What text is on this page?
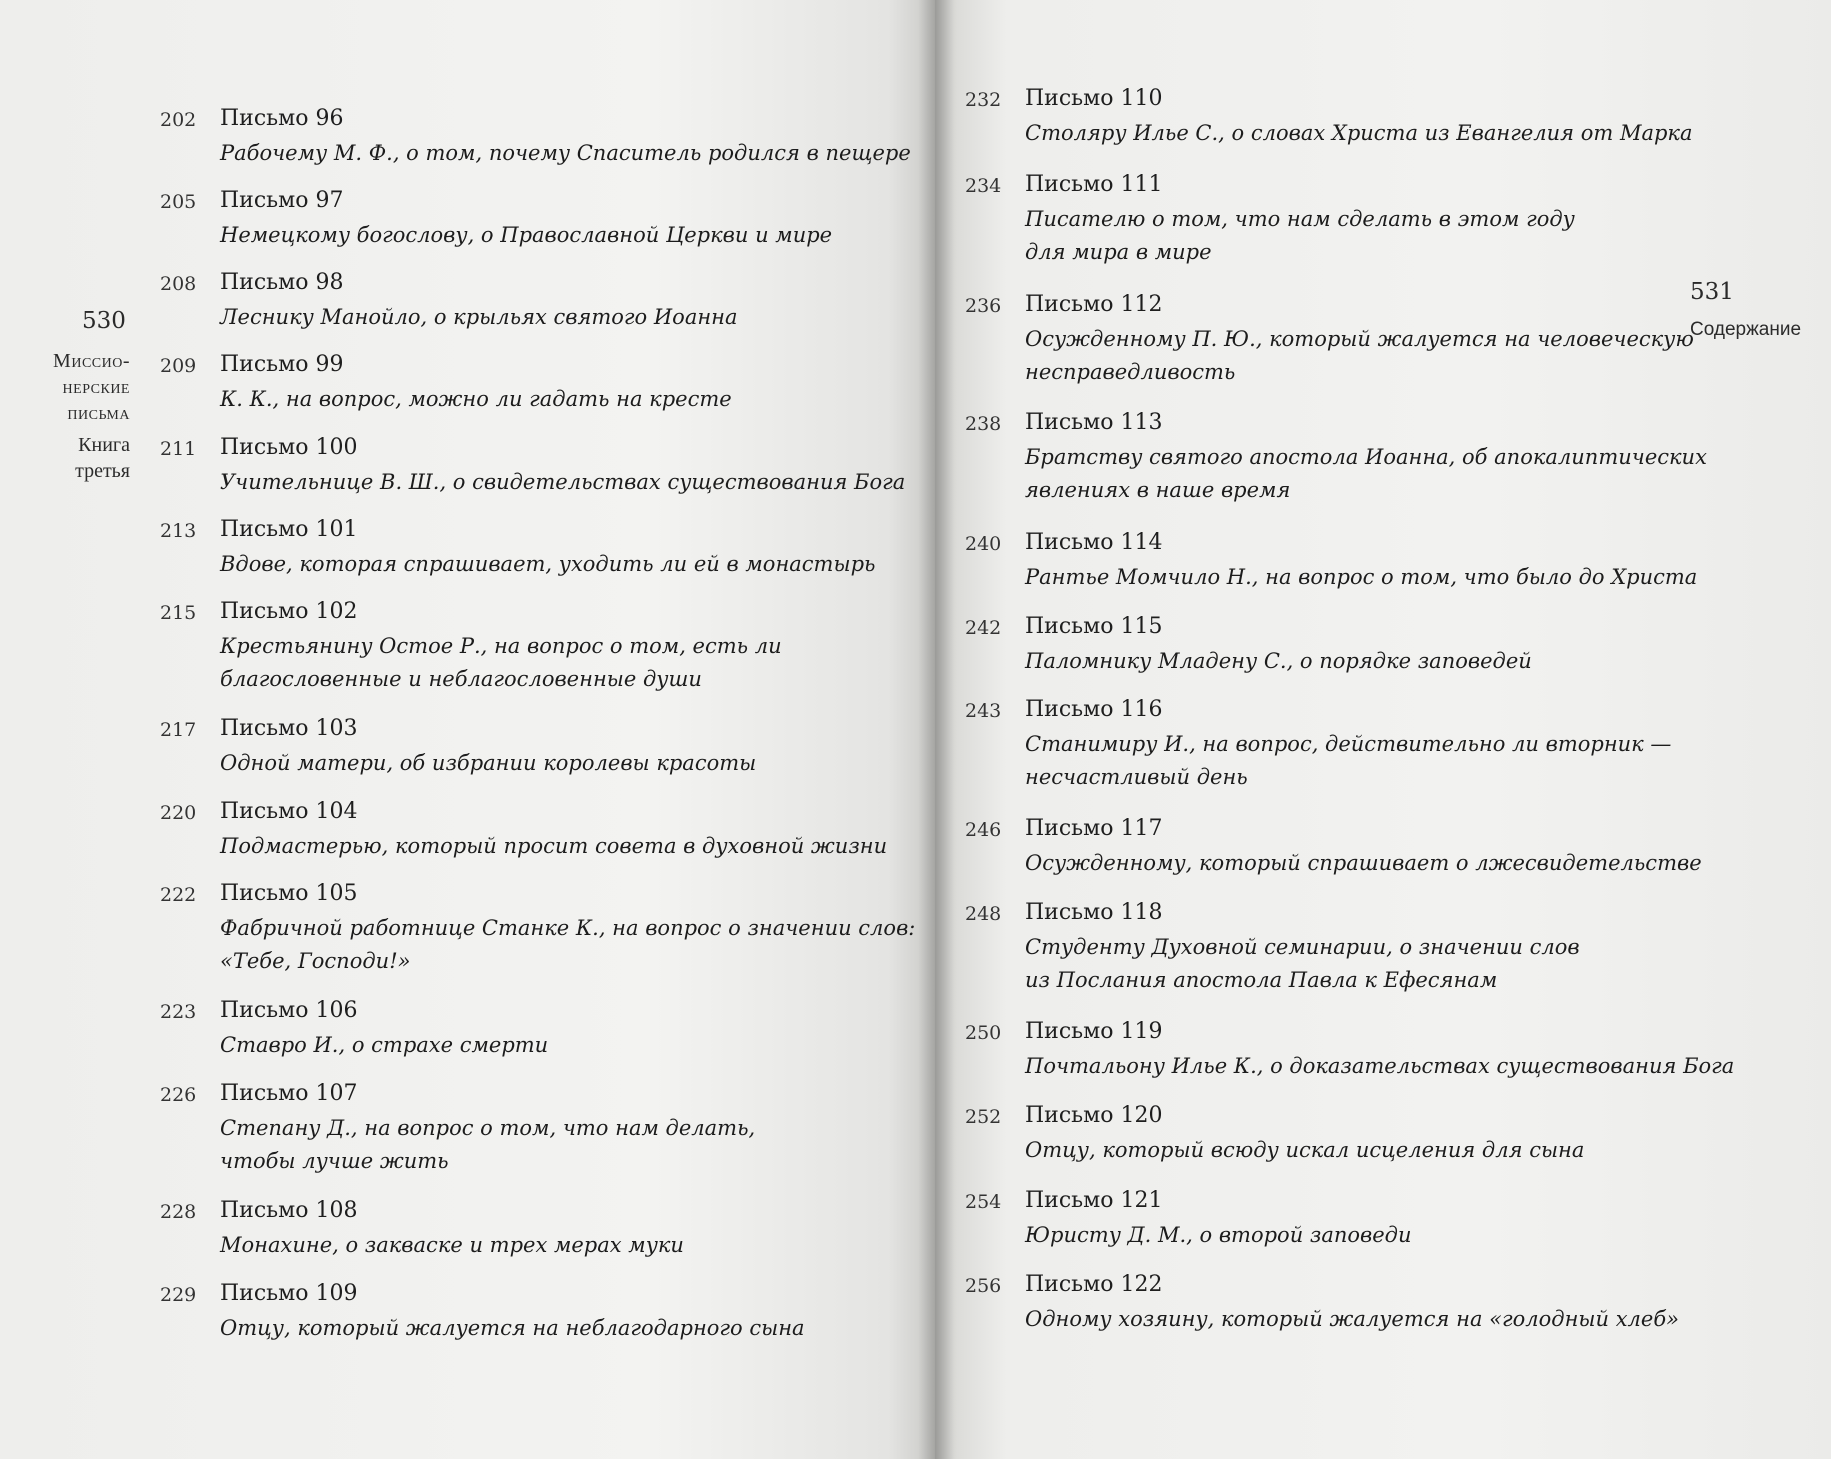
530
Миссио-
нерские
письма
Книга
третья
202	Письмо 96
Рабочему М. Ф., о том, почему Спаситель родился в пещере
205	Письмо 97
Немецкому богослову, о Православной Церкви и мире
208	Письмо 98
Леснику Манойло, о крыльях святого Иоанна
209	Письмо 99
К. К., на вопрос, можно ли гадать на кресте
211	Письмо 100
Учительнице В. Ш., о свидетельствах существования Бога
213	Письмо 101
Вдове, которая спрашивает, уходить ли ей в монастырь
215	Письмо 102
Крестьянину Остое Р., на вопрос о том, есть ли
благословенные и неблагословенные души
217	Письмо 103
Одной матери, об избрании королевы красоты
220	Письмо 104
Подмастерью, который просит совета в духовной жизни
222	Письмо 105
Фабричной работнице Станке К., на вопрос о значении слов:
«Тебе, Господи!»
223	Письмо 106
Ставро И., о страхе смерти
226	Письмо 107
Степану Д., на вопрос о том, что нам делать,
чтобы лучше жить
228	Письмо 108
Монахине, о закваске и трех мерах муки
229	Письмо 109
Отцу, который жалуется на неблагодарного сына
531
232	Письмо 110
Столяру Илье С., о словах Христа из Евангелия от Марка
234	Письмо 111
Писателю о том, что нам сделать в этом году
для мира в мире
236	Письмо 112
Осужденному П. Ю., который жалуется на человеческую
несправедливость
238	Письмо 113
Братству святого апостола Иоанна, об апокалиптических
явлениях в наше время
240	Письмо 114
Рантье Момчило Н., на вопрос о том, что было до Христа
242	Письмо 115
Паломнику Младену С., о порядке заповедей
243	Письмо 116
Станимиру И., на вопрос, действительно ли вторник —
несчастливый день
246	Письмо 117
Осужденному, который спрашивает о лжесвидетельстве
248	Письмо 118
Студенту Духовной семинарии, о значении слов
из Послания апостола Павла к Ефесянам
250	Письмо 119
Почтальону Илье К., о доказательствах существования Бога
252	Письмо 120
Отцу, который всюду искал исцеления для сына
254	Письмо 121
Юристу Д. М., о второй заповеди
256	Письмо 122
Одному хозяину, который жалуется на «голодный хлеб»
Содержание
